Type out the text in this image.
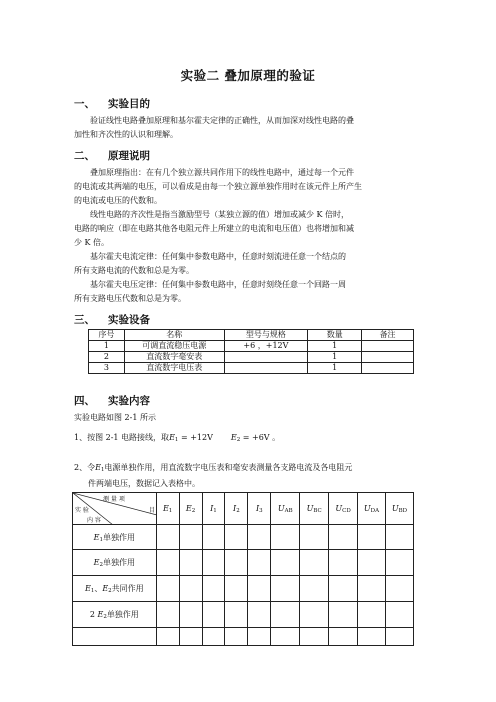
实验二 叠加原理的验证
一、 实验目的
验证线性电路叠加原理和基尔霍夫定律的正确性，从而加深对线性电路的叠
加性和齐次性的认识和理解。
二、 原理说明
叠加原理指出：在有几个独立源共同作用下的线性电路中，通过每一个元件
的电流或其两端的电压，可以看成是由每一个独立源单独作用时在该元件上所产生
的电流或电压的代数和。
线性电路的齐次性是指当激励型号（某独立源的值）增加或减少 K 倍时，
电路的响应（即在电路其他各电阻元件上所建立的电流和电压值）也将增加和减
少 K 倍。
基尔霍夫电流定律：任何集中参数电路中，任意时刻流进任意一个结点的
所有支路电流的代数和总是为零。
基尔霍夫电压定律：任何集中参数电路中，任意时刻绕任意一个回路一周
所有支路电压代数和总是为零。
三、 实验设备
序号	名称	型号与规格	数量	备注
1	可调直流稳压电源	+6 ，+12V	1	
2	直流数字毫安表		1	
3	直流数字电压表		1	
四、 实验内容
实验电路如图 2-1 所示
1、按图 2-1 电路接线，取$E_1 = +12V$ $E_2 = +6V$ 。
2、令$E_1$电源单独作用，用直流数字电压表和毫安表测量各支路电流及各电阻元
件两端电压，数据记入表格中。
测 量 项
目
实 验
内 容	$E_1$	$E_2$	$I_1$	$I_2$	$I_3$	$U_{AB}$	$U_{BC}$	$U_{CD}$	$U_{DA}$	$U_{BD}$
$E_1$单独作用										
$E_2$单独作用										
$E_1$、$E_2$共同作用										
2 $E_2$单独作用										
